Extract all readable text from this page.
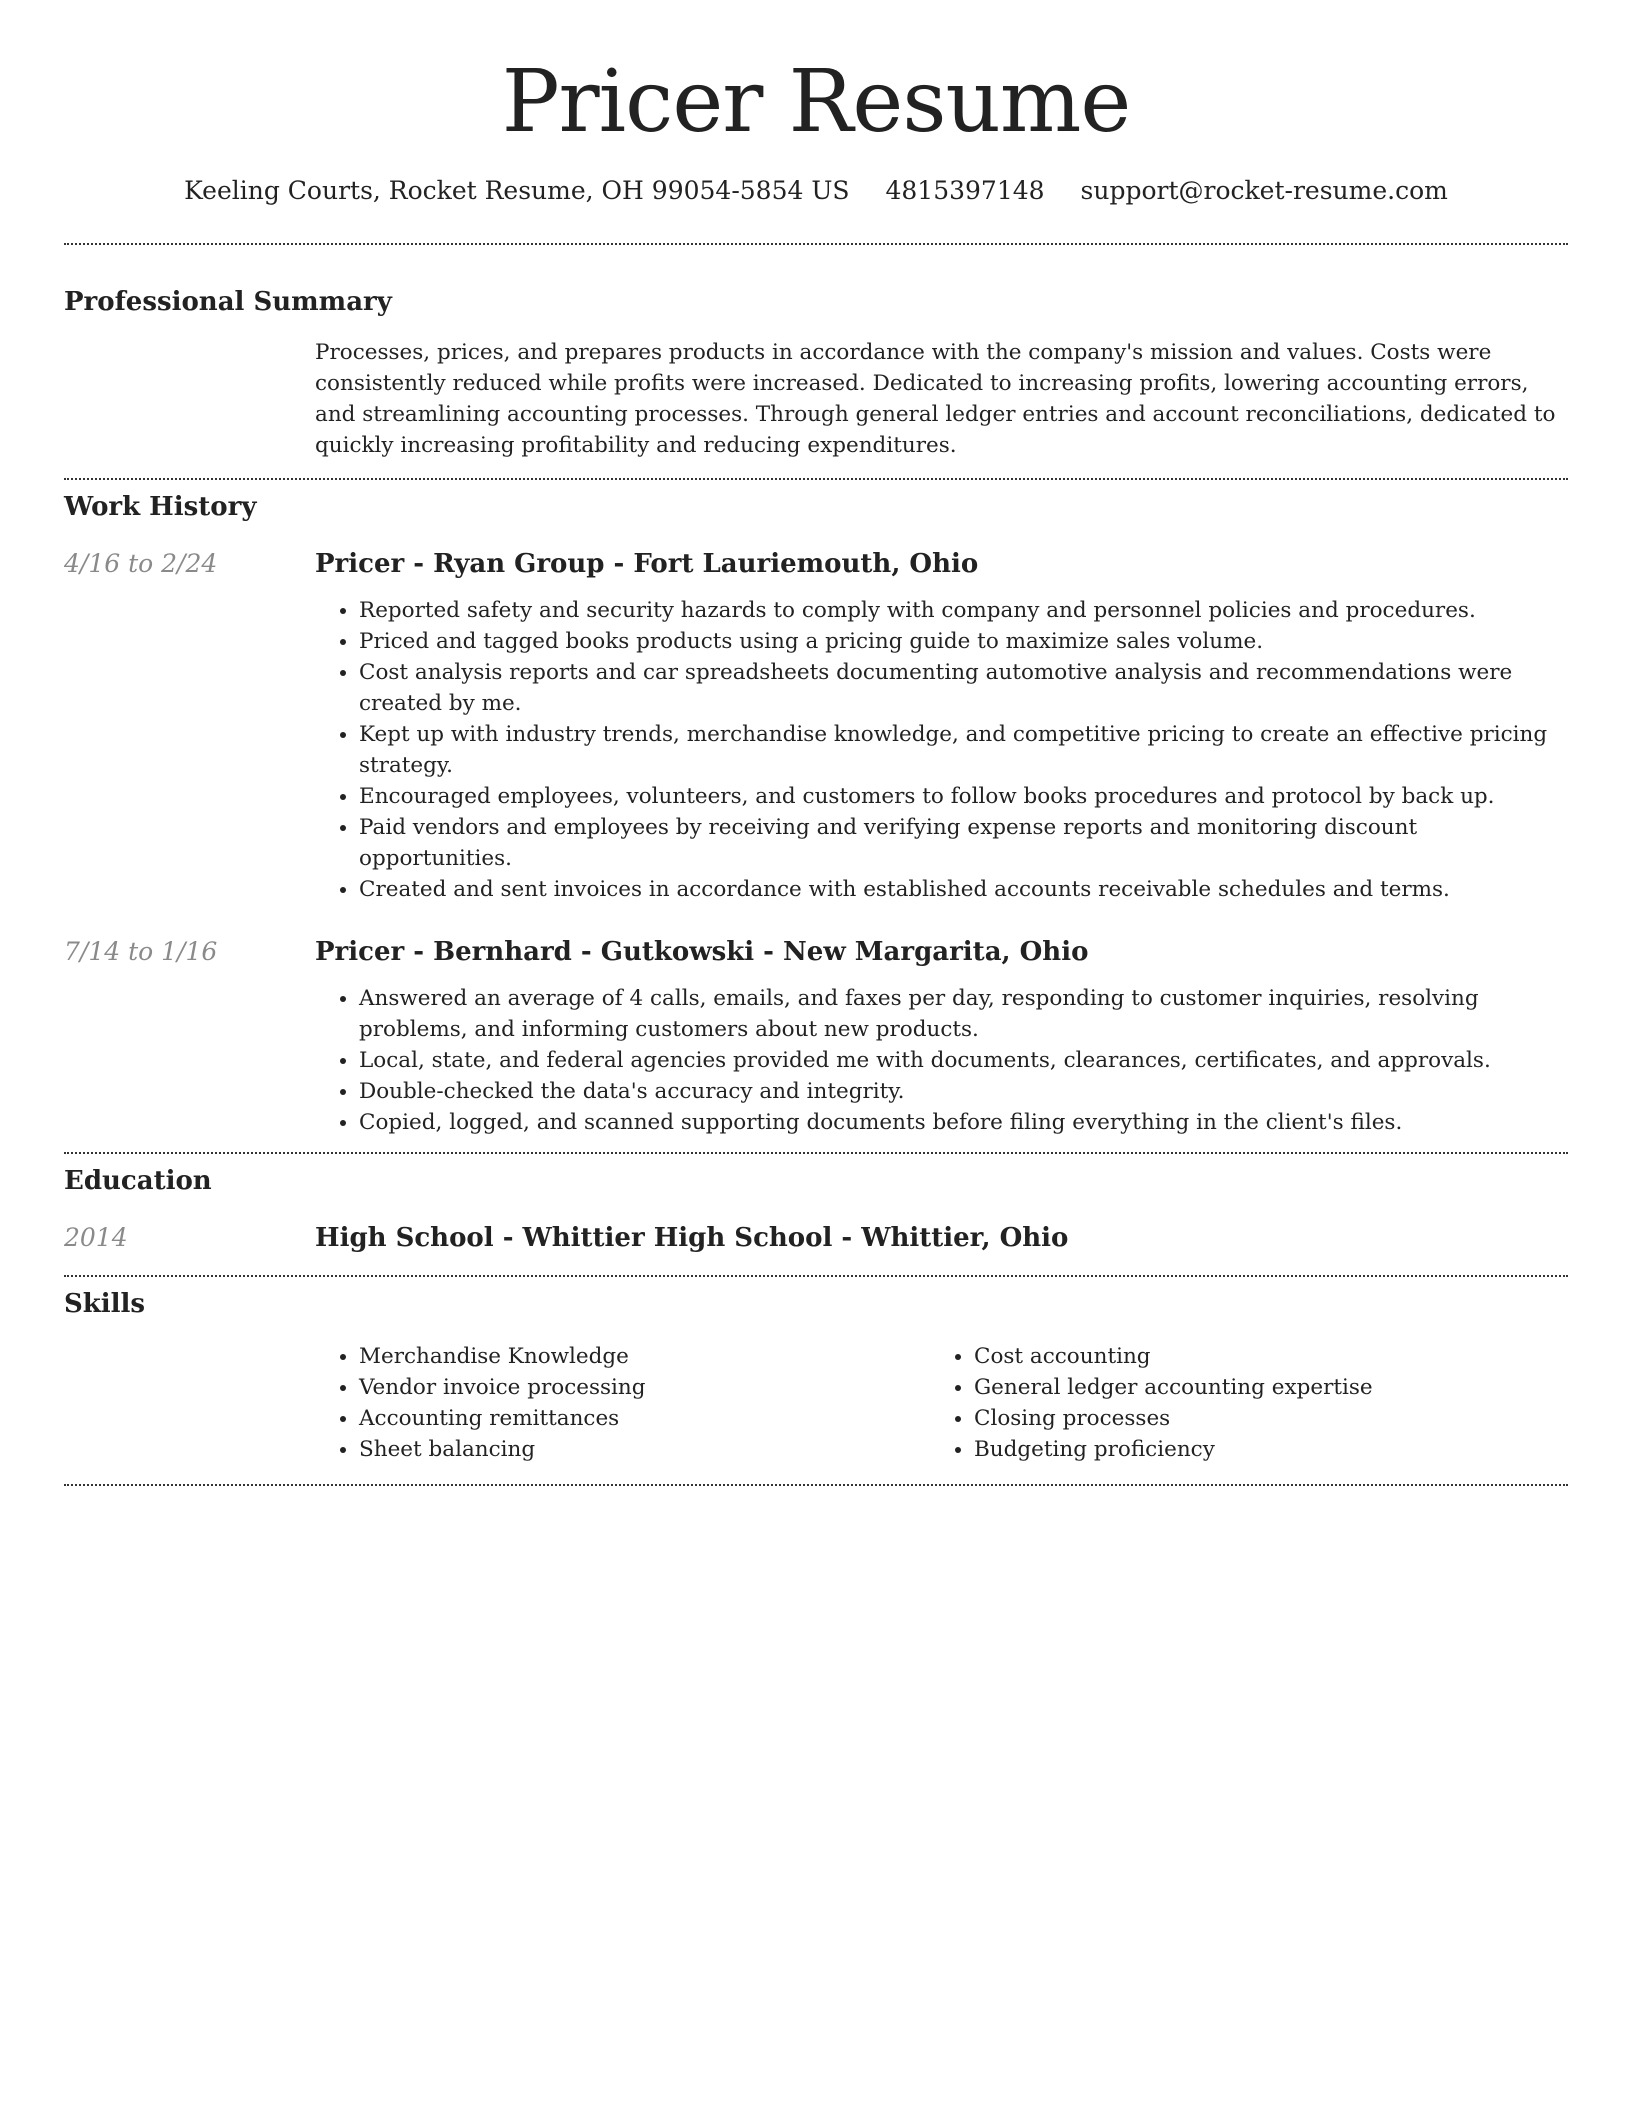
Pricer Resume
Keeling Courts, Rocket Resume, OH 99054-5854 US 4815397148 support@rocket-resume.com
Professional Summary

Processes, prices, and prepares products in accordance with the company's mission and values. Costs were consistently reduced while profits were increased. Dedicated to increasing profits, lowering accounting errors, and streamlining accounting processes. Through general ledger entries and account reconciliations, dedicated to quickly increasing profitability and reducing expenditures.

Work History
4/16 to 2/24	Pricer - Ryan Group - Fort Lauriemouth, Ohio
• Reported safety and security hazards to comply with company and personnel policies and procedures.
• Priced and tagged books products using a pricing guide to maximize sales volume.
• Cost analysis reports and car spreadsheets documenting automotive analysis and recommendations were created by me.
• Kept up with industry trends, merchandise knowledge, and competitive pricing to create an effective pricing strategy.
• Encouraged employees, volunteers, and customers to follow books procedures and protocol by back up.
• Paid vendors and employees by receiving and verifying expense reports and monitoring discount opportunities.
• Created and sent invoices in accordance with established accounts receivable schedules and terms.
7/14 to 1/16	Pricer - Bernhard - Gutkowski - New Margarita, Ohio
• Answered an average of 4 calls, emails, and faxes per day, responding to customer inquiries, resolving problems, and informing customers about new products.
• Local, state, and federal agencies provided me with documents, clearances, certificates, and approvals.
• Double-checked the data's accuracy and integrity.
• Copied, logged, and scanned supporting documents before filing everything in the client's files.
Education
2014	High School - Whittier High School - Whittier, Ohio
Skills
• Merchandise Knowledge
• Vendor invoice processing
• Accounting remittances
• Sheet balancing
• Cost accounting
• General ledger accounting expertise
• Closing processes
• Budgeting proficiency
